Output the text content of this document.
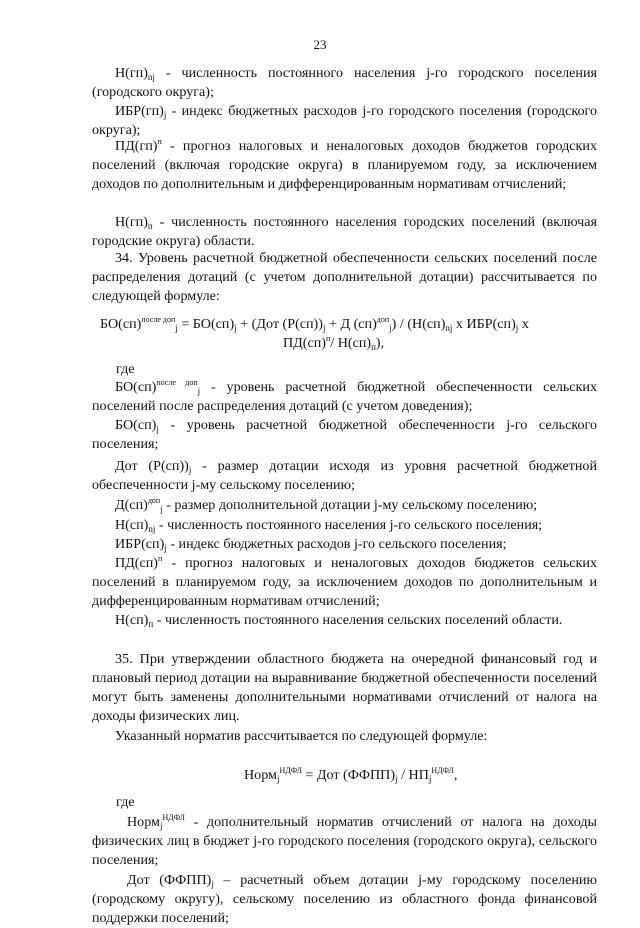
23
$Н(гп)_{nj}$ - численность постоянного населения j-го городского поселения (городского округа);
$ИБР(гп)_j$ - индекс бюджетных расходов j-го городского поселения (городского округа);
ПД(гп)$^п$ - прогноз налоговых и неналоговых доходов бюджетов городских поселений (включая городские округа) в планируемом году, за исключением доходов по дополнительным и дифференцированным нормативам отчислений;
$Н(гп)_п$ - численность постоянного населения городских поселений (включая городские округа) области.
34. Уровень расчетной бюджетной обеспеченности сельских поселений после распределения дотаций (с учетом дополнительной дотации) рассчитывается по следующей формуле:
$БО(сп)^{после доп}_j = БО(сп)_j + (Дот$ $(Р(сп))_j + Д$ $(сп)^{доп}_j) / (Н(сп)_{nj}$ х $ИБР(сп)_j$ х
ПД(сп)$^п$/ $Н(сп)_п$),
где
БО(сп)$^{после доп}_j$ - уровень расчетной бюджетной обеспеченности сельских поселений после распределения дотаций (с учетом доведения);
$БО(сп)_j$ - уровень расчетной бюджетной обеспеченности j-го сельского поселения;
Дот $(Р(сп))_j$ - размер дотации исходя из уровня расчетной бюджетной обеспеченности j-му сельскому поселению;
Д(сп)$^{доп}_j$ - размер дополнительной дотации j-му сельскому поселению;
$Н(сп)_{nj}$ - численность постоянного населения j-го сельского поселения;
$ИБР(сп)_j$ - индекс бюджетных расходов j-го сельского поселения;
ПД(сп)$^п$ - прогноз налоговых и неналоговых доходов бюджетов сельских поселений в планируемом году, за исключением доходов по дополнительным и дифференцированным нормативам отчислений;
$Н(сп)_п$ - численность постоянного населения сельских поселений области.
35. При утверждении областного бюджета на очередной финансовый год и плановый период дотации на выравнивание бюджетной обеспеченности поселений могут быть заменены дополнительными нормативами отчислений от налога на доходы физических лиц.
Указанный норматив рассчитывается по следующей формуле:
Норм$_j^{НДФЛ}$ = Дот $(ФФПП)_j / НП_j^{НДФЛ}$,
где
Норм$_j^{НДФЛ}$ - дополнительный норматив отчислений от налога на доходы физических лиц в бюджет j-го городского поселения (городского округа), сельского поселения;
Дот $(ФФПП)_j$ – расчетный объем дотации j-му городскому поселению (городскому округу), сельскому поселению из областного фонда финансовой поддержки поселений;
